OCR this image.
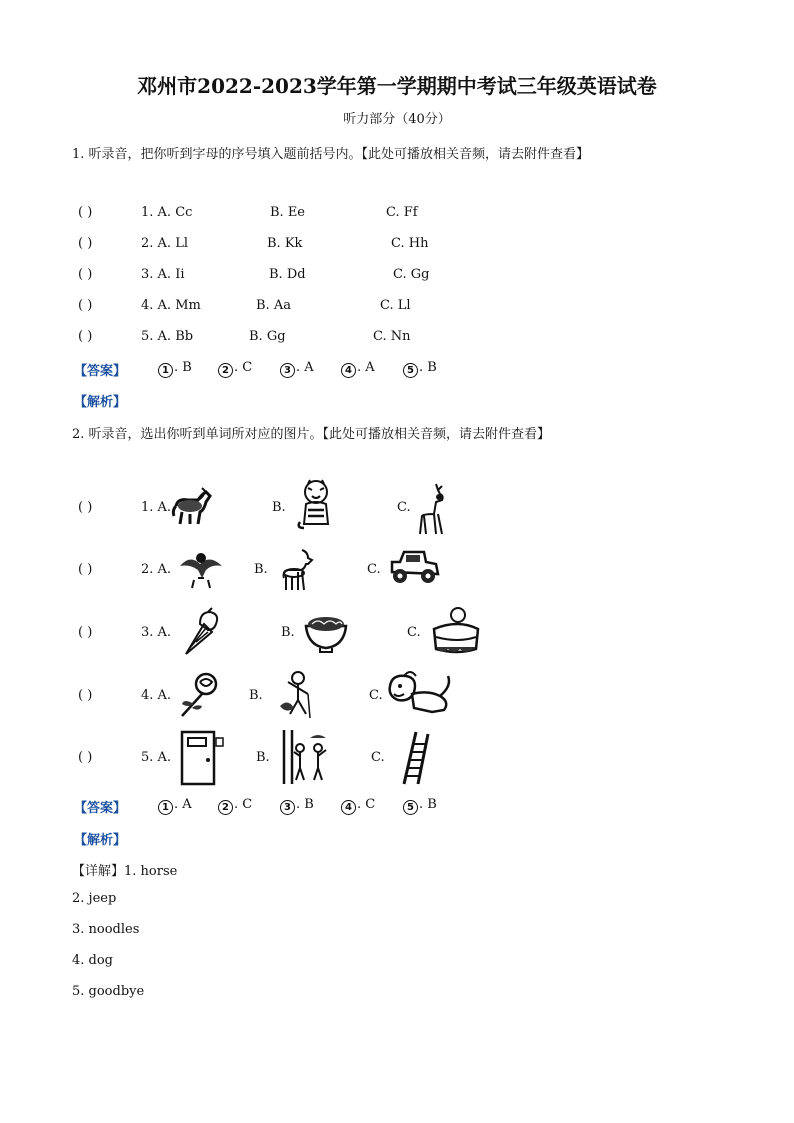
邓州市2022-2023学年第一学期期中考试三年级英语试卷
听力部分（40分）
1. 听录音，把你听到字母的序号填入题前括号内。【此处可播放相关音频，请去附件查看】
( )	1. A. Cc	B. Ee	C. Ff
( )	2. A. Ll	B. Kk	C. Hh
( )	3. A. Ii	B. Dd	C. Gg
( )	4. A. Mm	B. Aa	C. Ll
( )	5. A. Bb	B. Gg	C. Nn
【答案】	1 . B	2 . C	3 . A	4 . A	5 . B
【解析】
2. 听录音，选出你听到单词所对应的图片。【此处可播放相关音频，请去附件查看】
( )	1. A.	B.	C.
( )	2. A.	B.	C.
( )	3. A.	B.	C.
( )	4. A.	B.	C.
( )	5. A.	B.	C.
【答案】	1 . A	2 . C	3 . B	4 . C	5 . B
【解析】
【详解】1. horse
2. jeep
3. noodles
4. dog
5. goodbye
